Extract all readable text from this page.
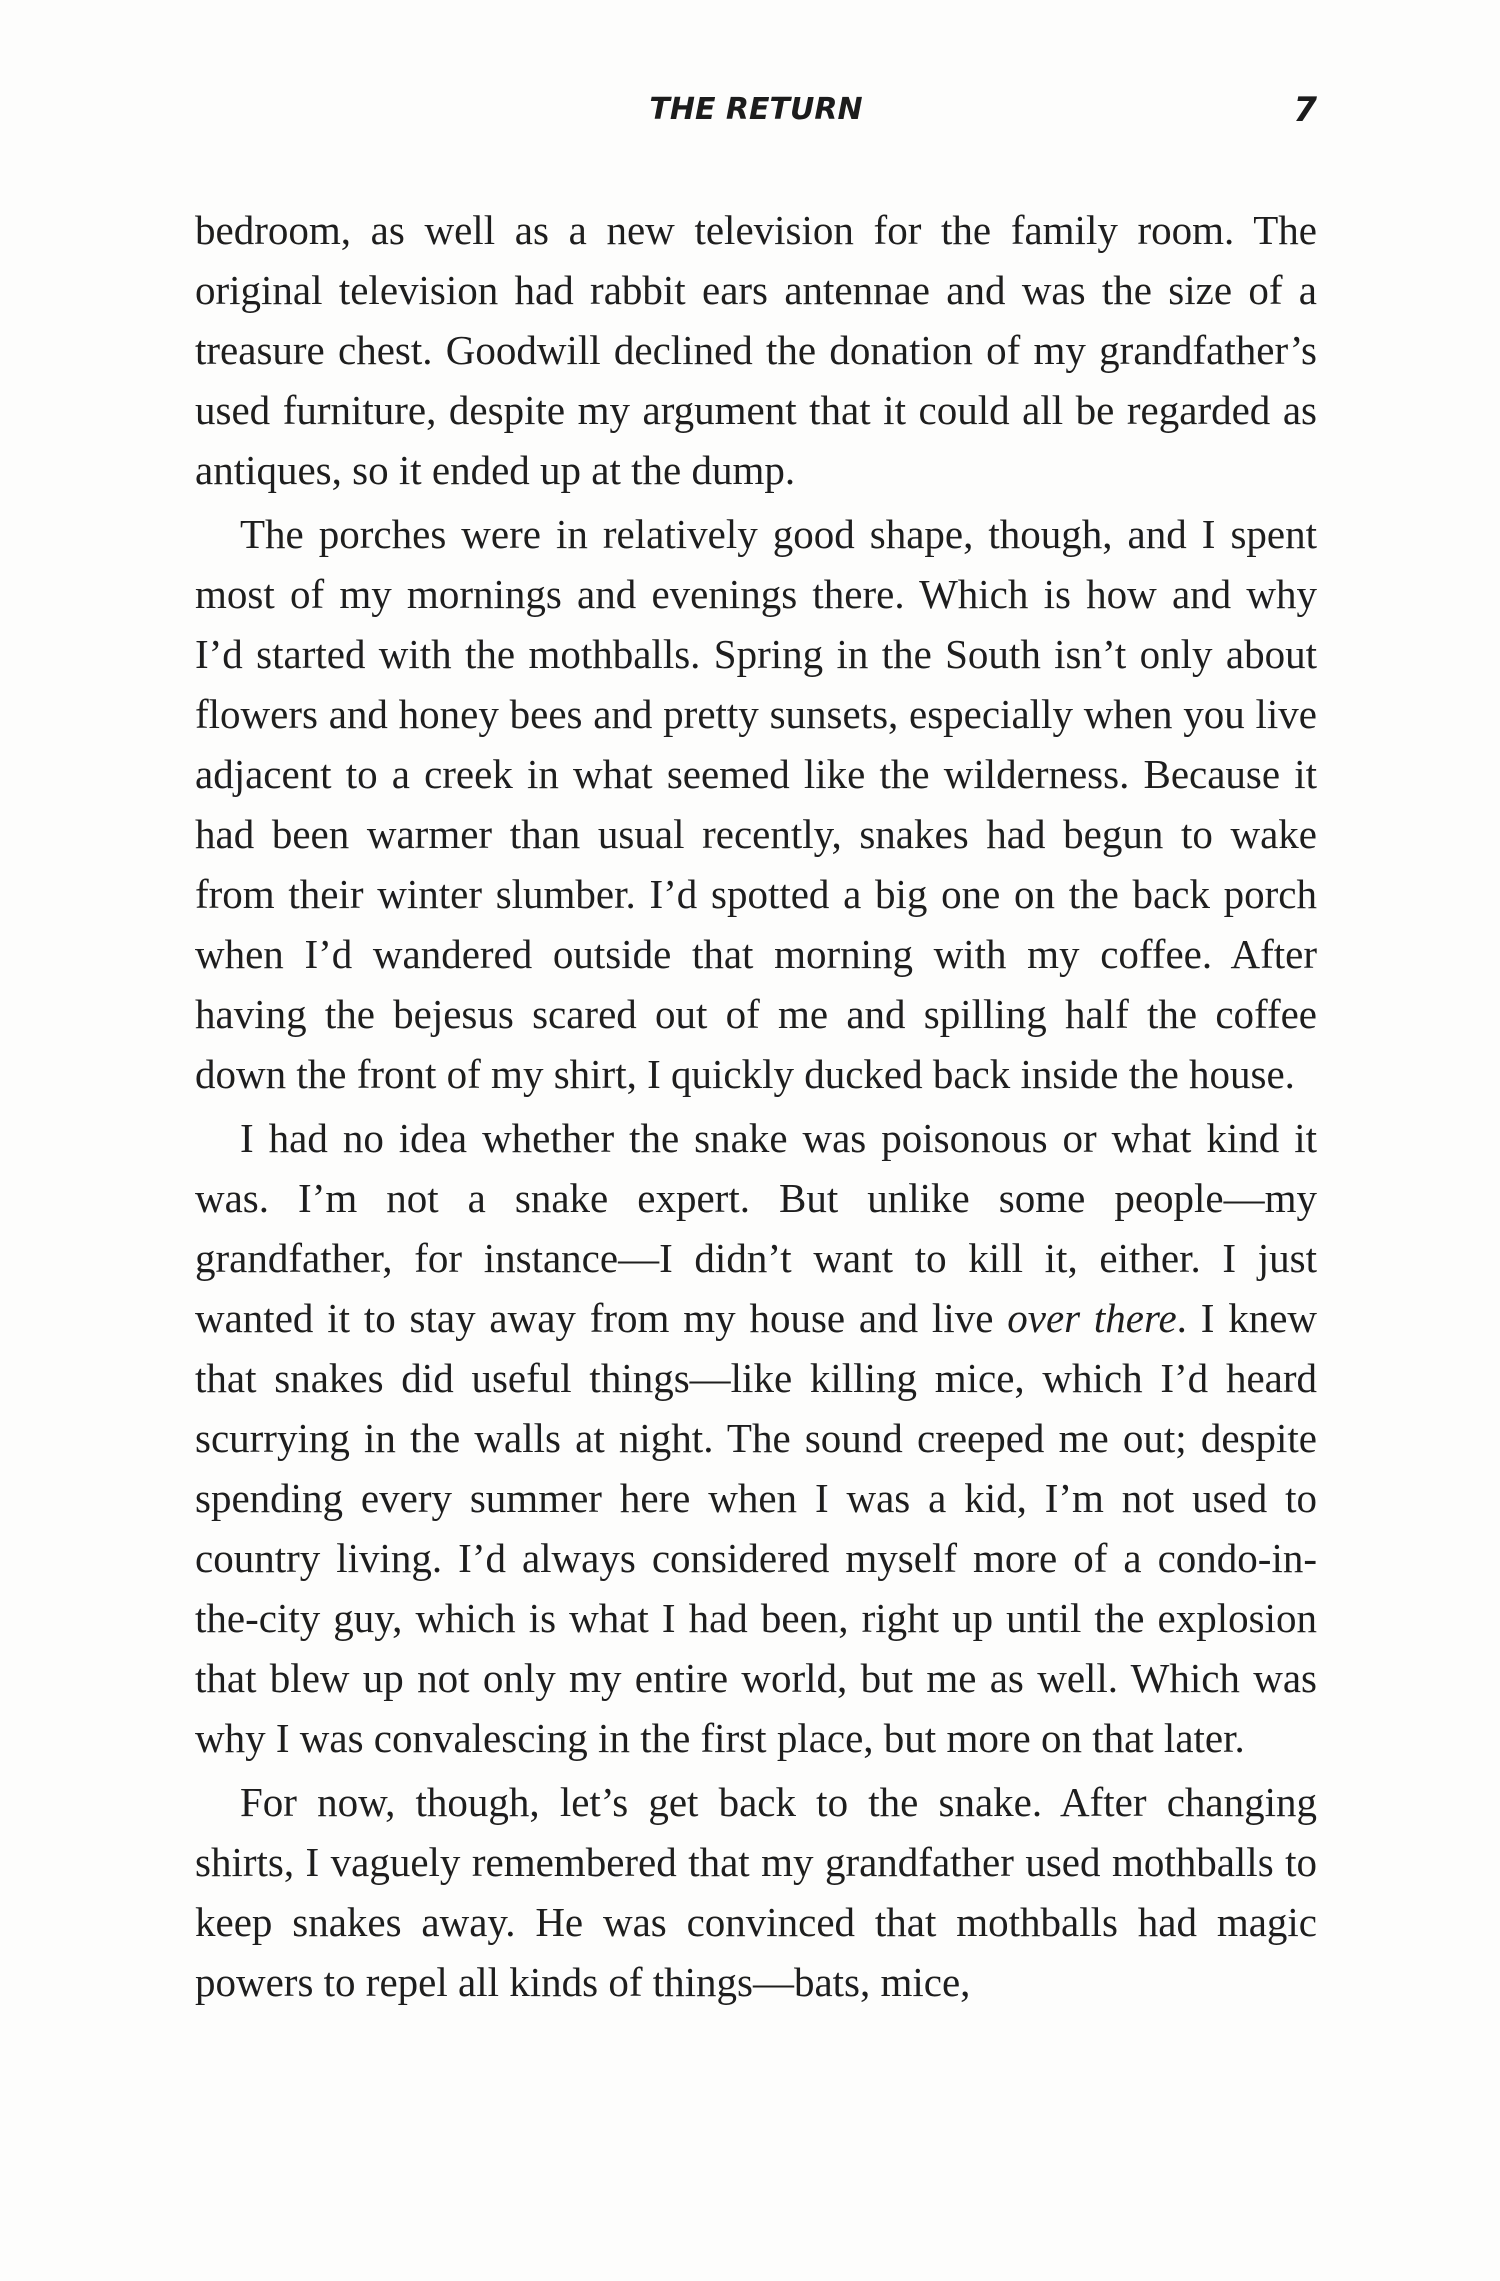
THE RETURN	7

bedroom, as well as a new television for the family room. The original television had rabbit ears antennae and was the size of a treasure chest. Goodwill declined the donation of my grandfather’s used furniture, despite my argument that it could all be regarded as antiques, so it ended up at the dump.

The porches were in relatively good shape, though, and I spent most of my mornings and evenings there. Which is how and why I’d started with the mothballs. Spring in the South isn’t only about flowers and honey bees and pretty sunsets, especially when you live adjacent to a creek in what seemed like the wilderness. Because it had been warmer than usual recently, snakes had begun to wake from their winter slumber. I’d spotted a big one on the back porch when I’d wandered outside that morning with my coffee. After having the bejesus scared out of me and spilling half the coffee down the front of my shirt, I quickly ducked back inside the house.

I had no idea whether the snake was poisonous or what kind it was. I’m not a snake expert. But unlike some people—my grandfather, for instance—I didn’t want to kill it, either. I just wanted it to stay away from my house and live over there. I knew that snakes did useful things—like killing mice, which I’d heard scurrying in the walls at night. The sound creeped me out; despite spending every summer here when I was a kid, I’m not used to country living. I’d always considered myself more of a condo-in-the-city guy, which is what I had been, right up until the explosion that blew up not only my entire world, but me as well. Which was why I was convalescing in the first place, but more on that later.

For now, though, let’s get back to the snake. After changing shirts, I vaguely remembered that my grandfather used mothballs to keep snakes away. He was convinced that mothballs had magic powers to repel all kinds of things—bats, mice,
